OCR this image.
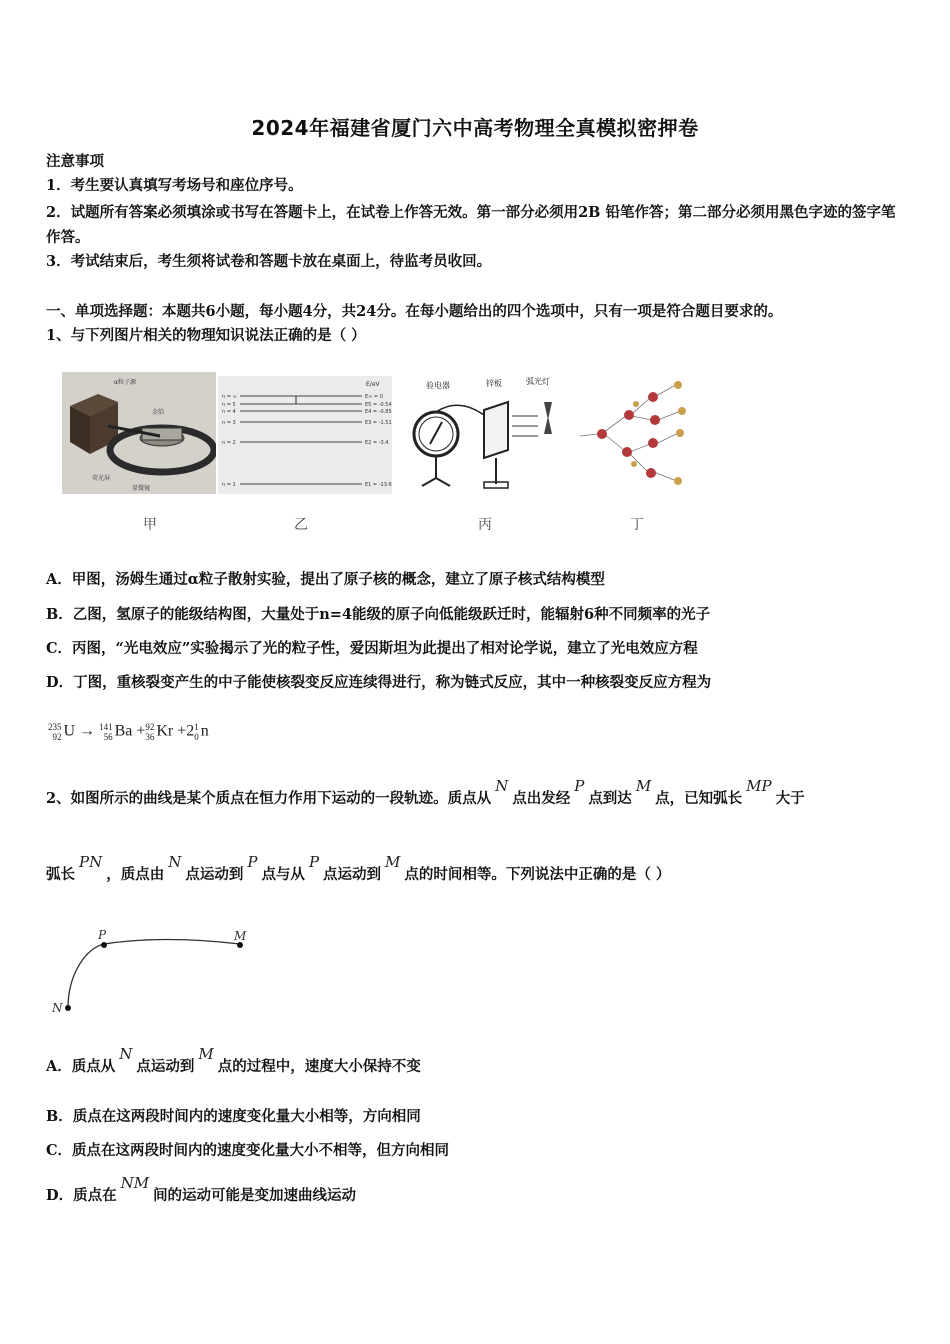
2024年福建省厦门六中高考物理全真模拟密押卷
注意事项
1．考生要认真填写考场号和座位序号。
2．试题所有答案必须填涂或书写在答题卡上，在试卷上作答无效。第一部分必须用2B 铅笔作答；第二部分必须用黑色字迹的签字笔作答。
3．考试结束后，考生须将试卷和答题卡放在桌面上，待监考员收回。
一、单项选择题：本题共6小题，每小题4分，共24分。在每小题给出的四个选项中，只有一项是符合题目要求的。
1、与下列图片相关的物理知识说法正确的是（ ）
α粒子源
金箔
荧光屏
显微镜
E/eV
n = ∞
n = 5
n = 4
n = 3
n = 2
n = 1
E∞ = 0
E5 = -0.54
E4 = -0.85
E3 = -1.51
E2 = -3.4
E1 = -13.6
验电器	锌板	弧光灯
甲	乙	丙	丁
A．甲图，汤姆生通过α粒子散射实验，提出了原子核的概念，建立了原子核式结构模型
B．乙图，氢原子的能级结构图，大量处于n=4能级的原子向低能级跃迁时，能辐射6种不同频率的光子
C．丙图，“光电效应”实验揭示了光的粒子性，爱因斯坦为此提出了相对论学说，建立了光电效应方程
D．丁图，重核裂变产生的中子能使核裂变反应连续得进行，称为链式反应，其中一种核裂变反应方程为
235
92 U → 141
56 Ba + 92
36 Kr +2 1
0 n
2、如图所示的曲线是某个质点在恒力作用下运动的一段轨迹。质点从N点出发经P点到达M点，已知弧长MP大于
弧长PN，质点由N点运动到P点与从P点运动到M点的时间相等。下列说法中正确的是（ ）
P	M
N
A．质点从N点运动到M点的过程中，速度大小保持不变
B．质点在这两段时间内的速度变化量大小相等，方向相同
C．质点在这两段时间内的速度变化量大小不相等，但方向相同
D．质点在NM间的运动可能是变加速曲线运动
